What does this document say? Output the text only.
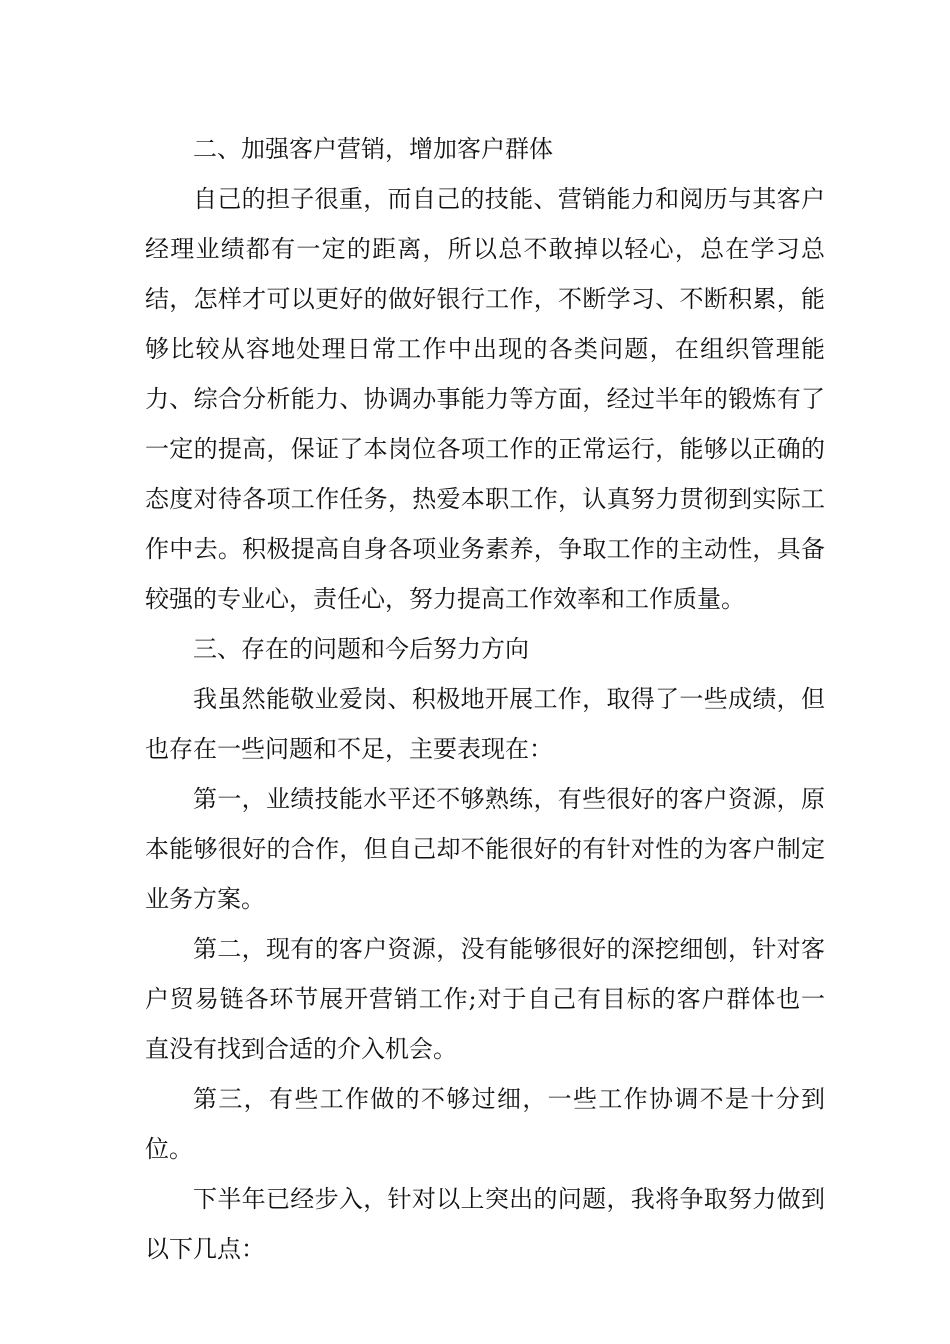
二、加强客户营销，增加客户群体

自己的担子很重，而自己的技能、营销能力和阅历与其客户经理业绩都有一定的距离，所以总不敢掉以轻心，总在学习总结，怎样才可以更好的做好银行工作，不断学习、不断积累，能够比较从容地处理日常工作中出现的各类问题，在组织管理能力、综合分析能力、协调办事能力等方面，经过半年的锻炼有了一定的提高，保证了本岗位各项工作的正常运行，能够以正确的态度对待各项工作任务，热爱本职工作，认真努力贯彻到实际工作中去。积极提高自身各项业务素养，争取工作的主动性，具备较强的专业心，责任心，努力提高工作效率和工作质量。

三、存在的问题和今后努力方向

我虽然能敬业爱岗、积极地开展工作，取得了一些成绩，但也存在一些问题和不足，主要表现在：

第一，业绩技能水平还不够熟练，有些很好的客户资源，原本能够很好的合作，但自己却不能很好的有针对性的为客户制定业务方案。

第二，现有的客户资源，没有能够很好的深挖细刨，针对客户贸易链各环节展开营销工作;对于自己有目标的客户群体也一直没有找到合适的介入机会。

第三，有些工作做的不够过细，一些工作协调不是十分到位。

下半年已经步入，针对以上突出的问题，我将争取努力做到以下几点：
